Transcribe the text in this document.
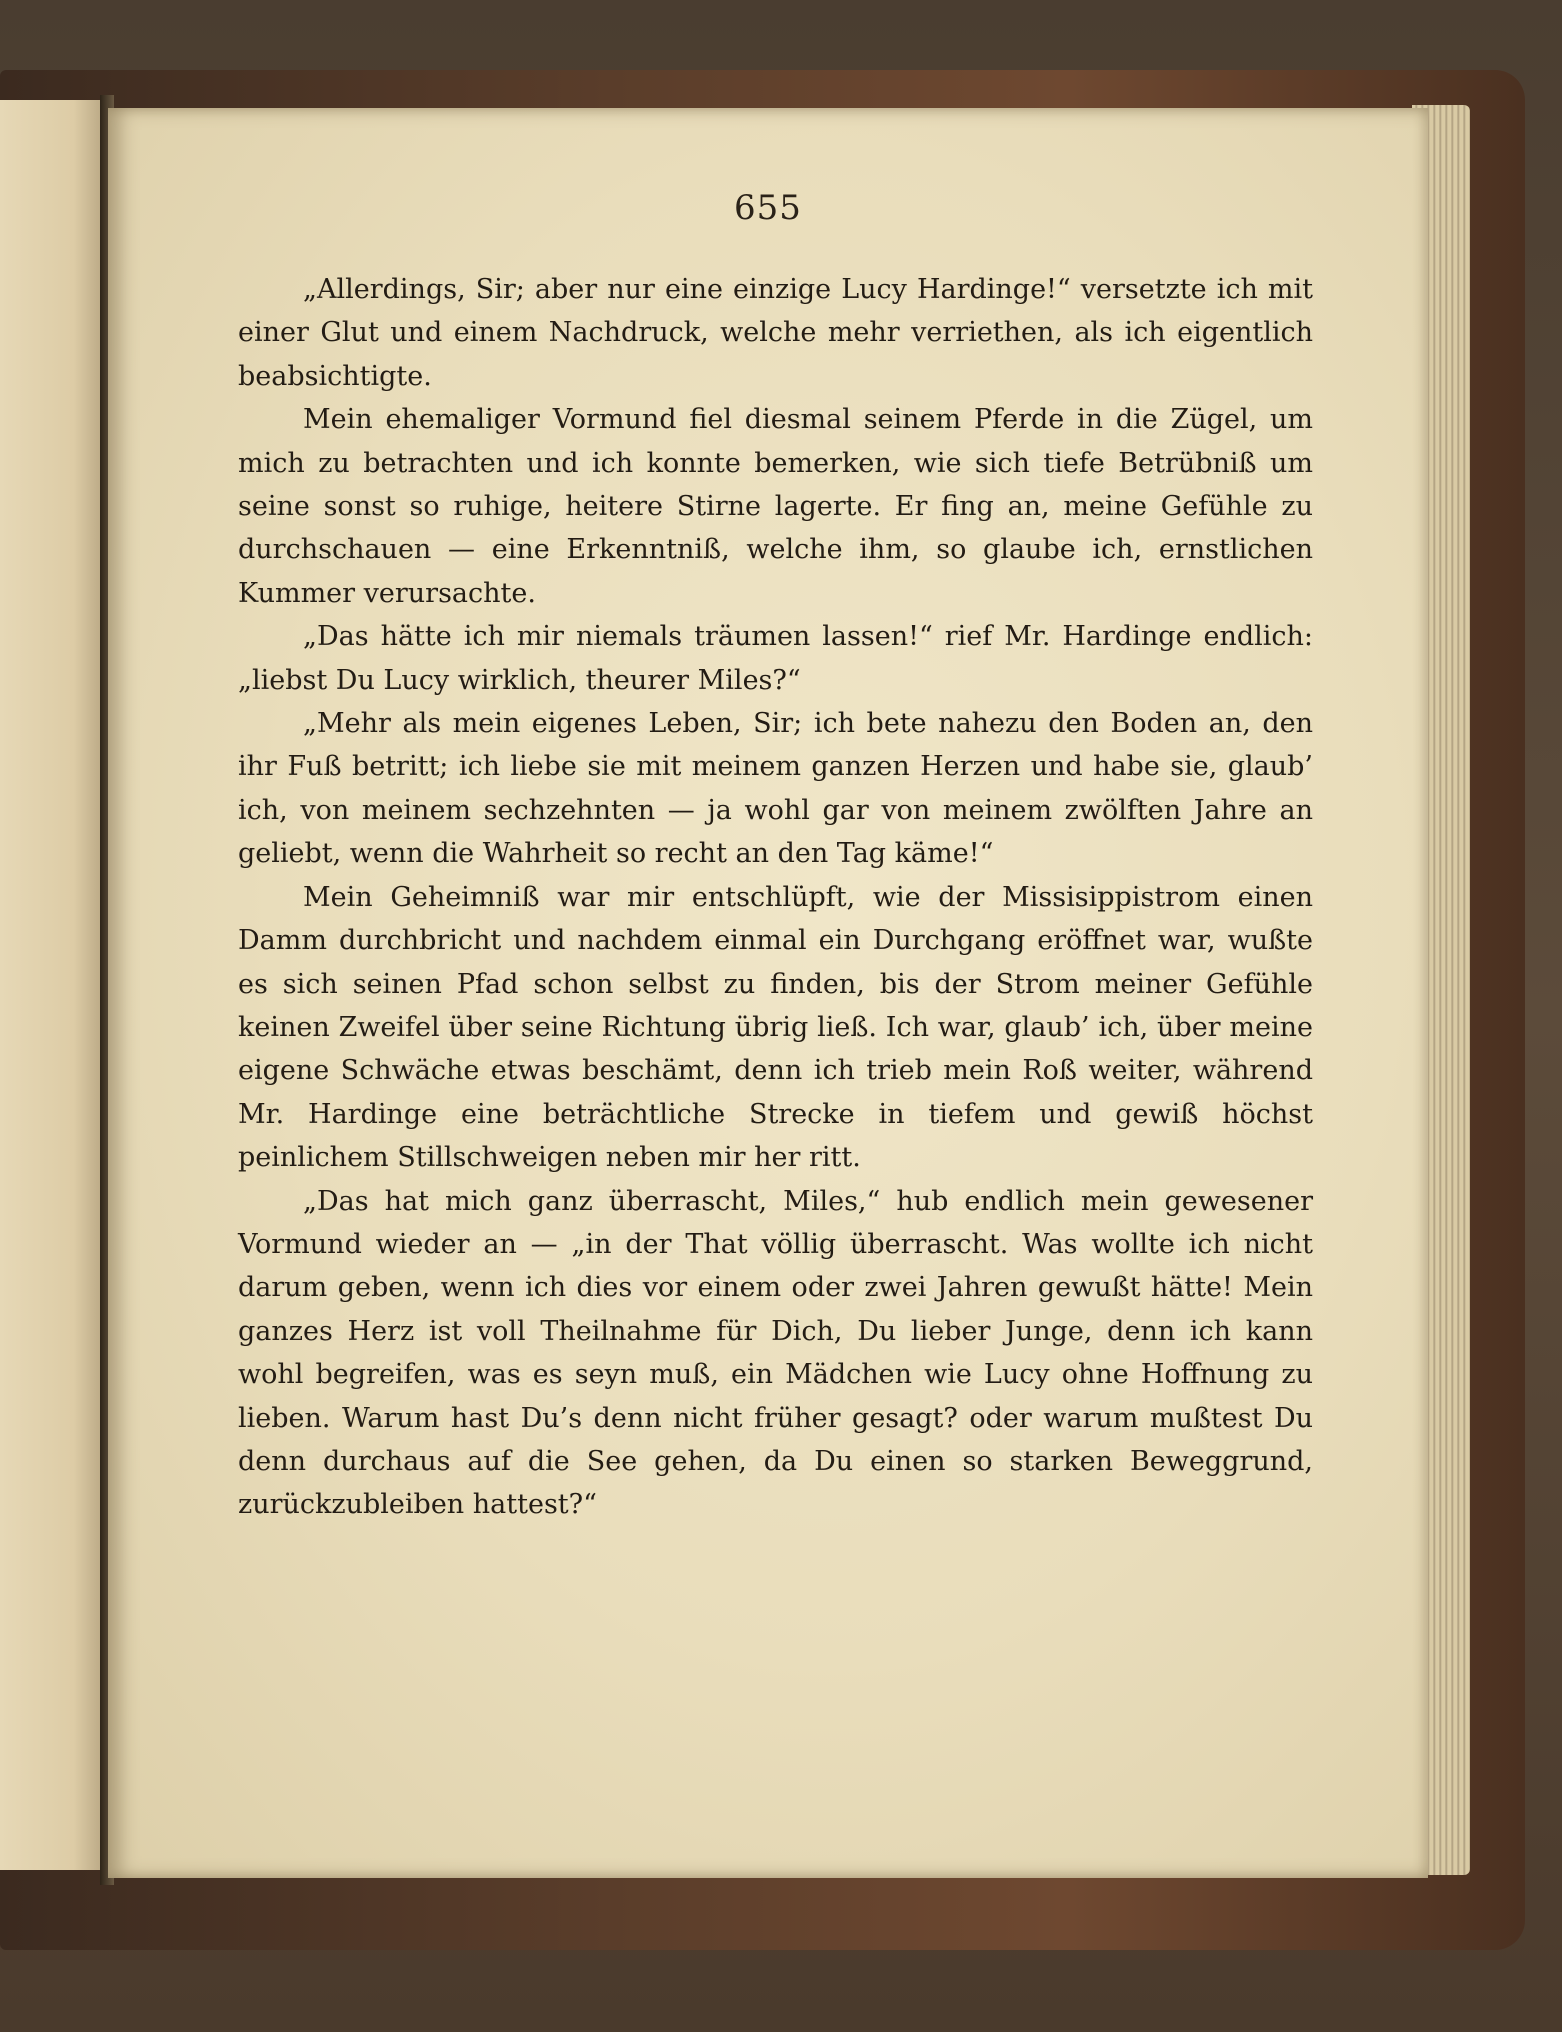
655

„Allerdings, Sir; aber nur eine einzige Lucy Hardinge!“ versetzte ich mit einer Glut und einem Nachdruck, welche mehr verriethen, als ich eigentlich beabsichtigte.

Mein ehemaliger Vormund fiel diesmal seinem Pferde in die Zügel, um mich zu betrachten und ich konnte bemerken, wie sich tiefe Betrübniß um seine sonst so ruhige, heitere Stirne lagerte. Er fing an, meine Gefühle zu durchschauen — eine Erkenntniß, welche ihm, so glaube ich, ernstlichen Kummer verursachte.

„Das hätte ich mir niemals träumen lassen!“ rief Mr. Hardinge endlich: „liebst Du Lucy wirklich, theurer Miles?“

„Mehr als mein eigenes Leben, Sir; ich bete nahezu den Boden an, den ihr Fuß betritt; ich liebe sie mit meinem ganzen Herzen und habe sie, glaub’ ich, von meinem sechzehnten — ja wohl gar von meinem zwölften Jahre an geliebt, wenn die Wahrheit so recht an den Tag käme!“

Mein Geheimniß war mir entschlüpft, wie der Missisippistrom einen Damm durchbricht und nachdem einmal ein Durchgang eröffnet war, wußte es sich seinen Pfad schon selbst zu finden, bis der Strom meiner Gefühle keinen Zweifel über seine Richtung übrig ließ. Ich war, glaub’ ich, über meine eigene Schwäche etwas beschämt, denn ich trieb mein Roß weiter, während Mr. Hardinge eine beträchtliche Strecke in tiefem und gewiß höchst peinlichem Stillschweigen neben mir her ritt.

„Das hat mich ganz überrascht, Miles,“ hub endlich mein gewesener Vormund wieder an — „in der That völlig überrascht. Was wollte ich nicht darum geben, wenn ich dies vor einem oder zwei Jahren gewußt hätte! Mein ganzes Herz ist voll Theilnahme für Dich, Du lieber Junge, denn ich kann wohl begreifen, was es seyn muß, ein Mädchen wie Lucy ohne Hoffnung zu lieben. Warum hast Du’s denn nicht früher gesagt? oder warum mußtest Du denn durchaus auf die See gehen, da Du einen so starken Beweggrund, zurückzubleiben hattest?“
